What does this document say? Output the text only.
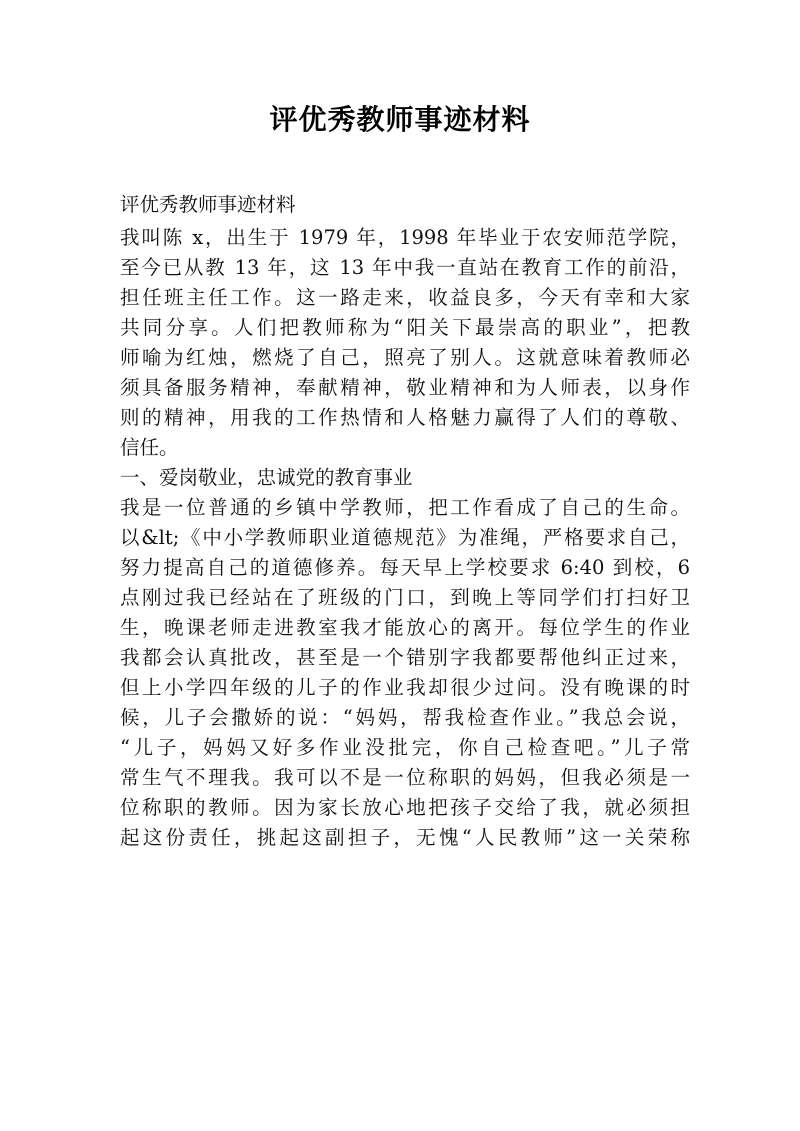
评优秀教师事迹材料
评优秀教师事迹材料
我叫陈 x，出生于 1979 年，1998 年毕业于农安师范学院，
至今已从教 13 年，这 13 年中我一直站在教育工作的前沿，
担任班主任工作。这一路走来，收益良多，今天有幸和大家
共同分享。人们把教师称为“阳关下最崇高的职业”，把教
师喻为红烛，燃烧了自己，照亮了别人。这就意味着教师必
须具备服务精神，奉献精神，敬业精神和为人师表，以身作
则的精神，用我的工作热情和人格魅力赢得了人们的尊敬、
信任。
一、爱岗敬业，忠诚党的教育事业
我是一位普通的乡镇中学教师，把工作看成了自己的生命。
以&lt;《中小学教师职业道德规范》为准绳，严格要求自己，
努力提高自己的道德修养。每天早上学校要求 6:40 到校，6
点刚过我已经站在了班级的门口，到晚上等同学们打扫好卫
生，晚课老师走进教室我才能放心的离开。每位学生的作业
我都会认真批改，甚至是一个错别字我都要帮他纠正过来，
但上小学四年级的儿子的作业我却很少过问。没有晚课的时
候，儿子会撒娇的说：“妈妈，帮我检查作业。”我总会说，
“儿子，妈妈又好多作业没批完，你自己检查吧。”儿子常
常生气不理我。我可以不是一位称职的妈妈，但我必须是一
位称职的教师。因为家长放心地把孩子交给了我，就必须担
起这份责任，挑起这副担子，无愧“人民教师”这一关荣称
